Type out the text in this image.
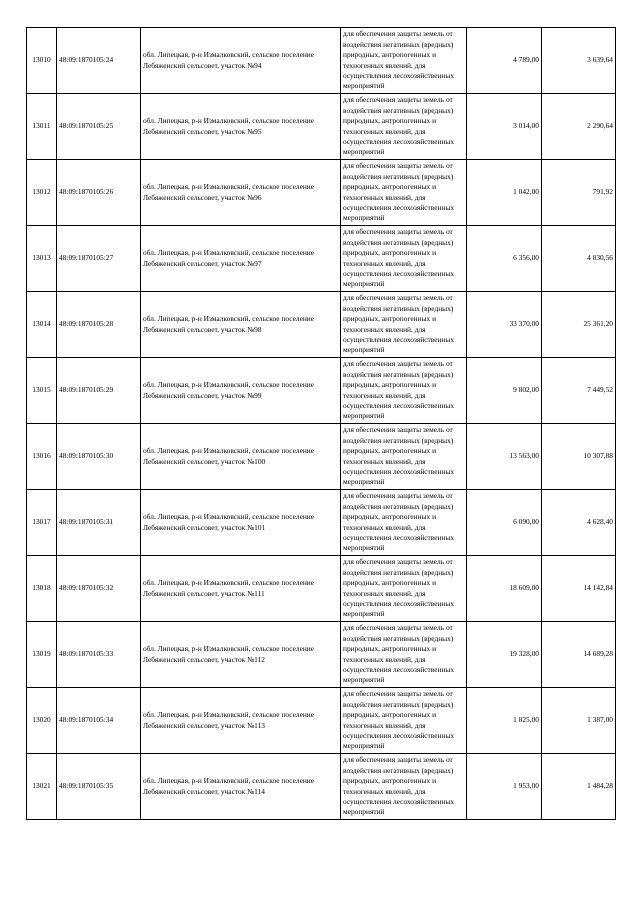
13010	48:09:1870105:24	обл. Липецкая, р-н Измалковский, сельское поселение Лебяженский сельсовет, участок №94	для обеспечения защиты земель от воздействия негативных (вредных) природных, антропогенных и техногенных явлений, для осуществления лесохозяйственных мероприятий	4 789,00	3 639,64
13011	48:09:1870105:25	обл. Липецкая, р-н Измалковский, сельское поселение Лебяженский сельсовет, участок №95	для обеспечения защиты земель от воздействия негативных (вредных) природных, антропогенных и техногенных явлений, для осуществления лесохозяйственных мероприятий	3 014,00	2 290,64
13012	48:09:1870105:26	обл. Липецкая, р-н Измалковский, сельское поселение Лебяженский сельсовет, участок №96	для обеспечения защиты земель от воздействия негативных (вредных) природных, антропогенных и техногенных явлений, для осуществления лесохозяйственных мероприятий	1 042,00	791,92
13013	48:09:1870105:27	обл. Липецкая, р-н Измалковский, сельское поселение Лебяженский сельсовет, участок №97	для обеспечения защиты земель от воздействия негативных (вредных) природных, антропогенных и техногенных явлений, для осуществления лесохозяйственных мероприятий	6 356,00	4 830,56
13014	48:09:1870105:28	обл. Липецкая, р-н Измалковский, сельское поселение Лебяженский сельсовет, участок №98	для обеспечения защиты земель от воздействия негативных (вредных) природных, антропогенных и техногенных явлений, для осуществления лесохозяйственных мероприятий	33 370,00	25 361,20
13015	48:09:1870105:29	обл. Липецкая, р-н Измалковский, сельское поселение Лебяженский сельсовет, участок №99	для обеспечения защиты земель от воздействия негативных (вредных) природных, антропогенных и техногенных явлений, для осуществления лесохозяйственных мероприятий	9 802,00	7 449,52
13016	48:09:1870105:30	обл. Липецкая, р-н Измалковский, сельское поселение Лебяженский сельсовет, участок №100	для обеспечения защиты земель от воздействия негативных (вредных) природных, антропогенных и техногенных явлений, для осуществления лесохозяйственных мероприятий	13 563,00	10 307,88
13017	48:09:1870105:31	обл. Липецкая, р-н Измалковский, сельское поселение Лебяженский сельсовет, участок №101	для обеспечения защиты земель от воздействия негативных (вредных) природных, антропогенных и техногенных явлений, для осуществления лесохозяйственных мероприятий	6 090,00	4 628,40
13018	48:09:1870105:32	обл. Липецкая, р-н Измалковский, сельское поселение Лебяженский сельсовет, участок №111	для обеспечения защиты земель от воздействия негативных (вредных) природных, антропогенных и техногенных явлений, для осуществления лесохозяйственных мероприятий	18 609,00	14 142,84
13019	48:09:1870105:33	обл. Липецкая, р-н Измалковский, сельское поселение Лебяженский сельсовет, участок №112	для обеспечения защиты земель от воздействия негативных (вредных) природных, антропогенных и техногенных явлений, для осуществления лесохозяйственных мероприятий	19 328,00	14 689,28
13020	48:09:1870105:34	обл. Липецкая, р-н Измалковский, сельское поселение Лебяженский сельсовет, участок №113	для обеспечения защиты земель от воздействия негативных (вредных) природных, антропогенных и техногенных явлений, для осуществления лесохозяйственных мероприятий	1 825,00	1 387,00
13021	48:09:1870105:35	обл. Липецкая, р-н Измалковский, сельское поселение Лебяженский сельсовет, участок №114	для обеспечения защиты земель от воздействия негативных (вредных) природных, антропогенных и техногенных явлений, для осуществления лесохозяйственных мероприятий	1 953,00	1 484,28
